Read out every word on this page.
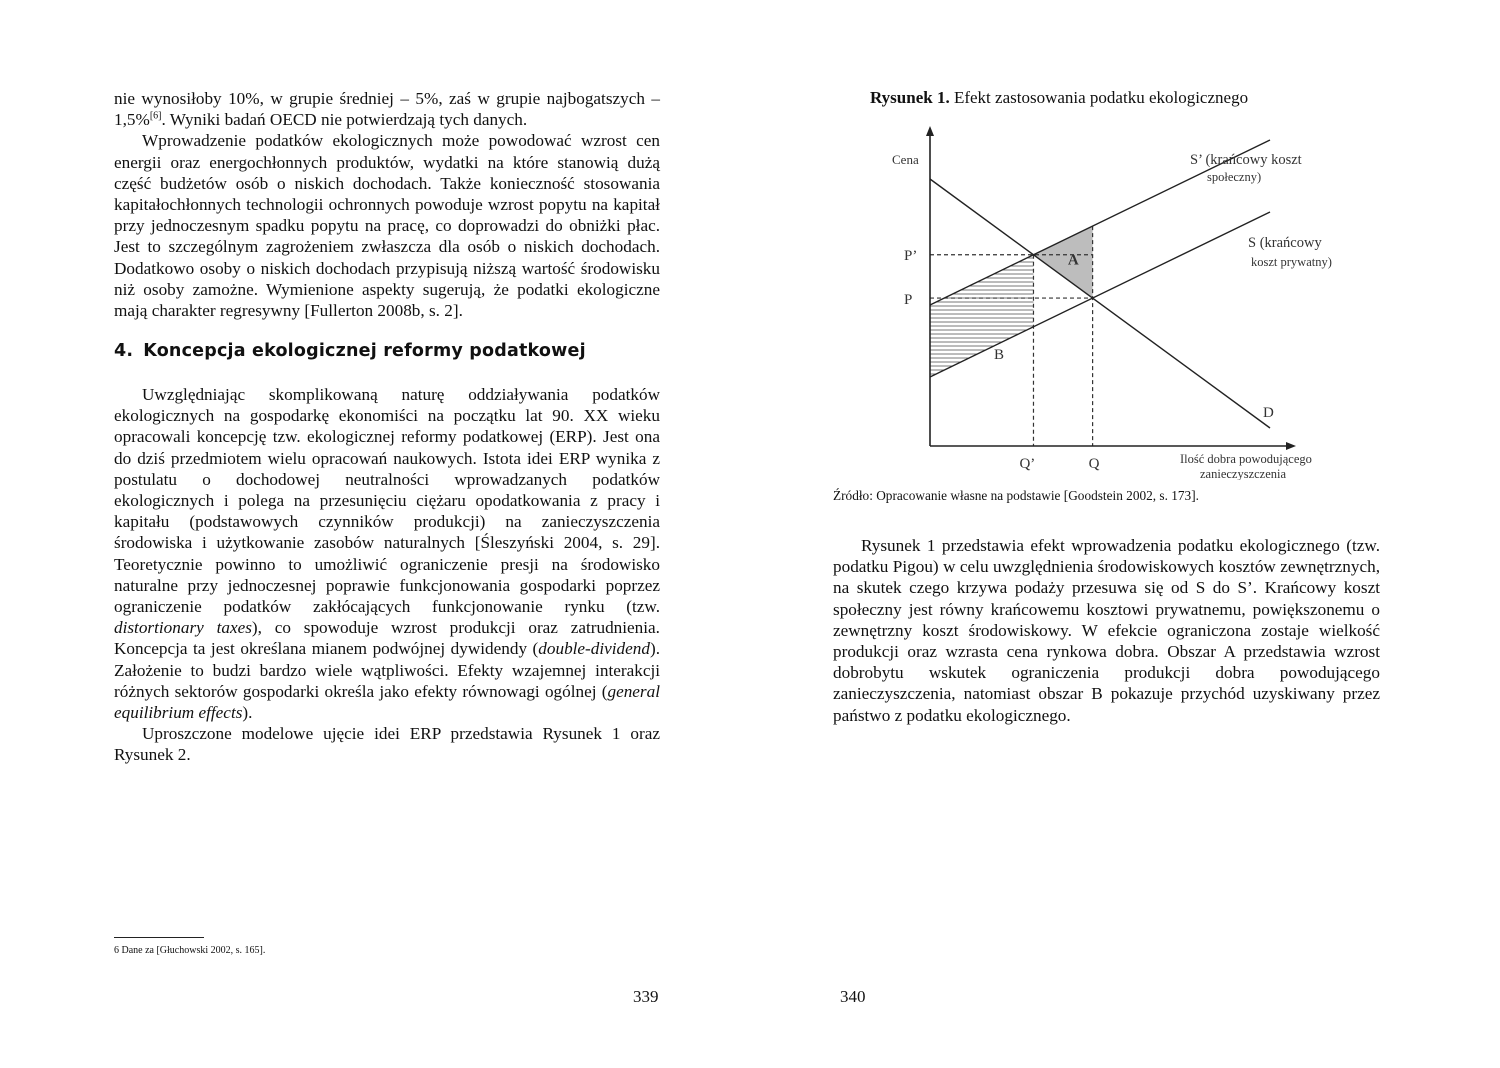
nie wynosiłoby 10%, w grupie średniej – 5%, zaś w grupie najbogatszych – 1,5%[6]. Wyniki badań OECD nie potwierdzają tych danych.

Wprowadzenie podatków ekologicznych może powodować wzrost cen energii oraz energochłonnych produktów, wydatki na które stanowią dużą część budżetów osób o niskich dochodach. Także konieczność stosowania kapitałochłonnych technologii ochronnych powoduje wzrost popytu na kapitał przy jednoczesnym spadku popytu na pracę, co doprowadzi do obniżki płac. Jest to szczególnym zagrożeniem zwłaszcza dla osób o niskich dochodach. Dodatkowo osoby o niskich dochodach przypisują niższą wartość środowisku niż osoby zamożne. Wymienione aspekty sugerują, że podatki ekologiczne mają charakter regresywny [Fullerton 2008b, s. 2].

4. Koncepcja ekologicznej reformy podatkowej

Uwzględniając skomplikowaną naturę oddziaływania podatków ekologicznych na gospodarkę ekonomiści na początku lat 90. XX wieku opracowali koncepcję tzw. ekologicznej reformy podatkowej (ERP). Jest ona do dziś przedmiotem wielu opracowań naukowych. Istota idei ERP wynika z postulatu o dochodowej neutralności wprowadzanych podatków ekologicznych i polega na przesunięciu ciężaru opodatkowania z pracy i kapitału (podstawowych czynników produkcji) na zanieczyszczenia środowiska i użytkowanie zasobów naturalnych [Śleszyński 2004, s. 29]. Teoretycznie powinno to umożliwić ograniczenie presji na środowisko naturalne przy jednoczesnej poprawie funkcjonowania gospodarki poprzez ograniczenie podatków zakłócających funkcjonowanie rynku (tzw. distortionary taxes), co spowoduje wzrost produkcji oraz zatrudnienia. Koncepcja ta jest określana mianem podwójnej dywidendy (double-dividend). Założenie to budzi bardzo wiele wątpliwości. Efekty wzajemnej interakcji różnych sektorów gospodarki określa jako efekty równowagi ogólnej (general equilibrium effects).

Uproszczone modelowe ujęcie idei ERP przedstawia Rysunek 1 oraz Rysunek 2.

6 Dane za [Głuchowski 2002, s. 165].
339
Rysunek 1. Efekt zastosowania podatku ekologicznego
Cena
P’
P
Q’	Q	Ilość dobra powodującego
zanieczyszczenia
S’ (krańcowy koszt
społeczny)
S (krańcowy
koszt prywatny)
D
A
B
Źródło: Opracowanie własne na podstawie [Goodstein 2002, s. 173].

Rysunek 1 przedstawia efekt wprowadzenia podatku ekologicznego (tzw. podatku Pigou) w celu uwzględnienia środowiskowych kosztów zewnętrznych, na skutek czego krzywa podaży przesuwa się od S do S’. Krańcowy koszt społeczny jest równy krańcowemu kosztowi prywatnemu, powiększonemu o zewnętrzny koszt środowiskowy. W efekcie ograniczona zostaje wielkość produkcji oraz wzrasta cena rynkowa dobra. Obszar A przedstawia wzrost dobrobytu wskutek ograniczenia produkcji dobra powodującego zanieczyszczenia, natomiast obszar B pokazuje przychód uzyskiwany przez państwo z podatku ekologicznego.

340
